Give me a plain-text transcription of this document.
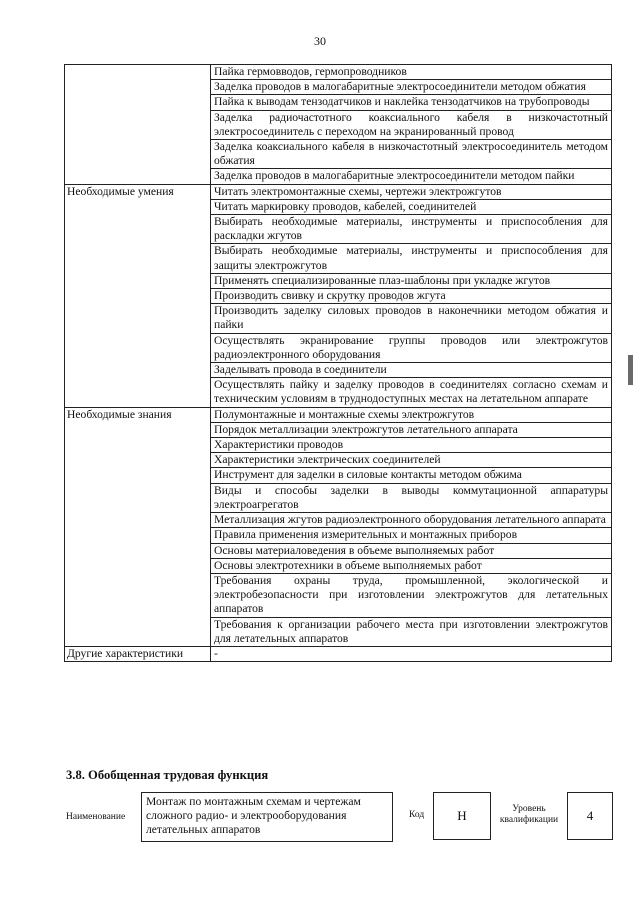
30
	Пайка гермовводов, гермопроводников
	Заделка проводов в малогабаритные электросоединители методом обжатия
	Пайка к выводам тензодатчиков и наклейка тензодатчиков на трубопроводы
	Заделка радиочастотного коаксиального кабеля в низкочастотный электросоединитель с переходом на экранированный провод
	Заделка коаксиального кабеля в низкочастотный электросоединитель методом обжатия
	Заделка проводов в малогабаритные электросоединители методом пайки
Необходимые умения	Читать электромонтажные схемы, чертежи электрожгутов
	Читать маркировку проводов, кабелей, соединителей
	Выбирать необходимые материалы, инструменты и приспособления для раскладки жгутов
	Выбирать необходимые материалы, инструменты и приспособления для защиты электрожгутов
	Применять специализированные плаз-шаблоны при укладке жгутов
	Производить свивку и скрутку проводов жгута
	Производить заделку силовых проводов в наконечники методом обжатия и пайки
	Осуществлять экранирование группы проводов или электрожгутов радиоэлектронного оборудования
	Заделывать провода в соединители
	Осуществлять пайку и заделку проводов в соединителях согласно схемам и техническим условиям в труднодоступных местах на летательном аппарате
Необходимые знания	Полумонтажные и монтажные схемы электрожгутов
	Порядок металлизации электрожгутов летательного аппарата
	Характеристики проводов
	Характеристики электрических соединителей
	Инструмент для заделки в силовые контакты методом обжима
	Виды и способы заделки в выводы коммутационной аппаратуры электроагрегатов
	Металлизация жгутов радиоэлектронного оборудования летательного аппарата
	Правила применения измерительных и монтажных приборов
	Основы материаловедения в объеме выполняемых работ
	Основы электротехники в объеме выполняемых работ
	Требования охраны труда, промышленной, экологической и электробезопасности при изготовлении электрожгутов для летательных аппаратов
	Требования к организации рабочего места при изготовлении электрожгутов для летательных аппаратов
Другие характеристики	-
3.8. Обобщенная трудовая функция
Наименование
Монтаж по монтажным схемам и чертежам сложного радио- и электрооборудования летательных аппаратов
Код	H	Уровень квалификации	4
